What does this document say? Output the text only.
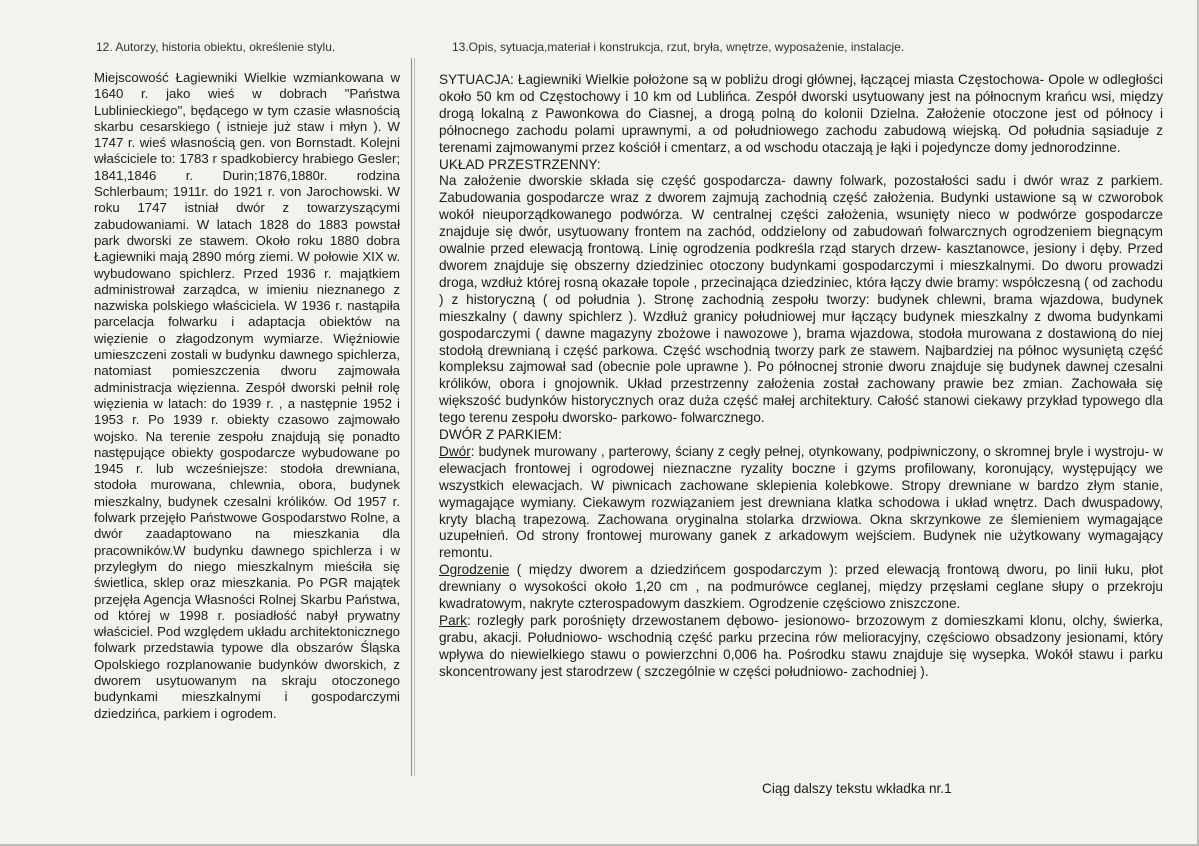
12. Autorzy, historia obiektu, określenie stylu.	13.Opis, sytuacja,materiał i konstrukcja, rzut, bryła, wnętrze, wyposażenie, instalacje.

Miejscowość Łagiewniki Wielkie wzmiankowana w 1640 r. jako wieś w dobrach "Państwa Lublinieckiego", będącego w tym czasie własnością skarbu cesarskiego ( istnieje już staw i młyn ). W 1747 r. wieś własnością gen. von Bornstadt. Kolejni właściciele to: 1783 r spadkobiercy hrabiego Gesler; 1841,1846 r. Durin;1876,1880r. rodzina Schlerbaum; 1911r. do 1921 r. von Jarochowski. W roku 1747 istniał dwór z towarzyszącymi zabudowaniami. W latach 1828 do 1883 powstał park dworski ze stawem. Około roku 1880 dobra Łagiewniki mają 2890 mórg ziemi. W połowie XIX w. wybudowano spichlerz. Przed 1936 r. majątkiem administrował zarządca, w imieniu nieznanego z nazwiska polskiego właściciela. W 1936 r. nastąpiła parcelacja folwarku i adaptacja obiektów na więzienie o złagodzonym wymiarze. Więźniowie umieszczeni zostali w budynku dawnego spichlerza, natomiast pomieszczenia dworu zajmowała administracja więzienna. Zespół dworski pełnił rolę więzienia w latach: do 1939 r. , a następnie 1952 i 1953 r. Po 1939 r. obiekty czasowo zajmowało wojsko. Na terenie zespołu znajdują się ponadto następujące obiekty gospodarcze wybudowane po 1945 r. lub wcześniejsze: stodoła drewniana, stodoła murowana, chlewnia, obora, budynek mieszkalny, budynek czesalni królików. Od 1957 r. folwark przejęło Państwowe Gospodarstwo Rolne, a dwór zaadaptowano na mieszkania dla pracowników.W budynku dawnego spichlerza i w przyległym do niego mieszkalnym mieściła się świetlica, sklep oraz mieszkania. Po PGR majątek przejęła Agencja Własności Rolnej Skarbu Państwa, od której w 1998 r. posiadłość nabył prywatny właściciel. Pod względem układu architektonicznego folwark przedstawia typowe dla obszarów Śląska Opolskiego rozplanowanie budynków dworskich, z dworem usytuowanym na skraju otoczonego budynkami mieszkalnymi i gospodarczymi dziedzińca, parkiem i ogrodem.

SYTUACJA: Łagiewniki Wielkie położone są w pobliżu drogi głównej, łączącej miasta Częstochowa- Opole w odległości około 50 km od Częstochowy i 10 km od Lublińca. Zespół dworski usytuowany jest na północnym krańcu wsi, między drogą lokalną z Pawonkowa do Ciasnej, a drogą polną do kolonii Dzielna. Założenie otoczone jest od północy i północnego zachodu polami uprawnymi, a od południowego zachodu zabudową wiejską. Od południa sąsiaduje z terenami zajmowanymi przez kościół i cmentarz, a od wschodu otaczają je łąki i pojedyncze domy jednorodzinne.

UKŁAD PRZESTRZENNY:

Na założenie dworskie składa się część gospodarcza- dawny folwark, pozostałości sadu i dwór wraz z parkiem. Zabudowania gospodarcze wraz z dworem zajmują zachodnią część założenia. Budynki ustawione są w czworobok wokół nieuporządkowanego podwórza. W centralnej części założenia, wsunięty nieco w podwórze gospodarcze znajduje się dwór, usytuowany frontem na zachód, oddzielony od zabudowań folwarcznych ogrodzeniem biegnącym owalnie przed elewacją frontową. Linię ogrodzenia podkreśla rząd starych drzew- kasztanowce, jesiony i dęby. Przed dworem znajduje się obszerny dziedziniec otoczony budynkami gospodarczymi i mieszkalnymi. Do dworu prowadzi droga, wzdłuż której rosną okazałe topole , przecinająca dziedziniec, która łączy dwie bramy: współczesną ( od zachodu ) z historyczną ( od południa ). Stronę zachodnią zespołu tworzy: budynek chlewni, brama wjazdowa, budynek mieszkalny ( dawny spichlerz ). Wzdłuż granicy południowej mur łączący budynek mieszkalny z dwoma budynkami gospodarczymi ( dawne magazyny zbożowe i nawozowe ), brama wjazdowa, stodoła murowana z dostawioną do niej stodołą drewnianą i część parkowa. Część wschodnią tworzy park ze stawem. Najbardziej na północ wysuniętą część kompleksu zajmował sad (obecnie pole uprawne ). Po północnej stronie dworu znajduje się budynek dawnej czesalni królików, obora i gnojownik. Układ przestrzenny założenia został zachowany prawie bez zmian. Zachowała się większość budynków historycznych oraz duża część małej architektury. Całość stanowi ciekawy przykład typowego dla tego terenu zespołu dworsko- parkowo- folwarcznego.

DWÓR Z PARKIEM:

Dwór: budynek murowany , parterowy, ściany z cegły pełnej, otynkowany, podpiwniczony, o skromnej bryle i wystroju- w elewacjach frontowej i ogrodowej nieznaczne ryzality boczne i gzyms profilowany, koronujący, występujący we wszystkich elewacjach. W piwnicach zachowane sklepienia kolebkowe. Stropy drewniane w bardzo złym stanie, wymagające wymiany. Ciekawym rozwiązaniem jest drewniana klatka schodowa i układ wnętrz. Dach dwuspadowy, kryty blachą trapezową. Zachowana oryginalna stolarka drzwiowa. Okna skrzynkowe ze ślemieniem wymagające uzupełnień. Od strony frontowej murowany ganek z arkadowym wejściem. Budynek nie użytkowany wymagający remontu.

Ogrodzenie ( między dworem a dziedzińcem gospodarczym ): przed elewacją frontową dworu, po linii łuku, płot drewniany o wysokości około 1,20 cm , na podmurówce ceglanej, między przęsłami ceglane słupy o przekroju kwadratowym, nakryte czterospadowym daszkiem. Ogrodzenie częściowo zniszczone.

Park: rozległy park porośnięty drzewostanem dębowo- jesionowo- brzozowym z domieszkami klonu, olchy, świerka, grabu, akacji. Południowo- wschodnią część parku przecina rów melioracyjny, częściowo obsadzony jesionami, który wpływa do niewielkiego stawu o powierzchni 0,006 ha. Pośrodku stawu znajduje się wysepka. Wokół stawu i parku skoncentrowany jest starodrzew ( szczególnie w części południowo- zachodniej ).

Ciąg dalszy tekstu wkładka nr.1
